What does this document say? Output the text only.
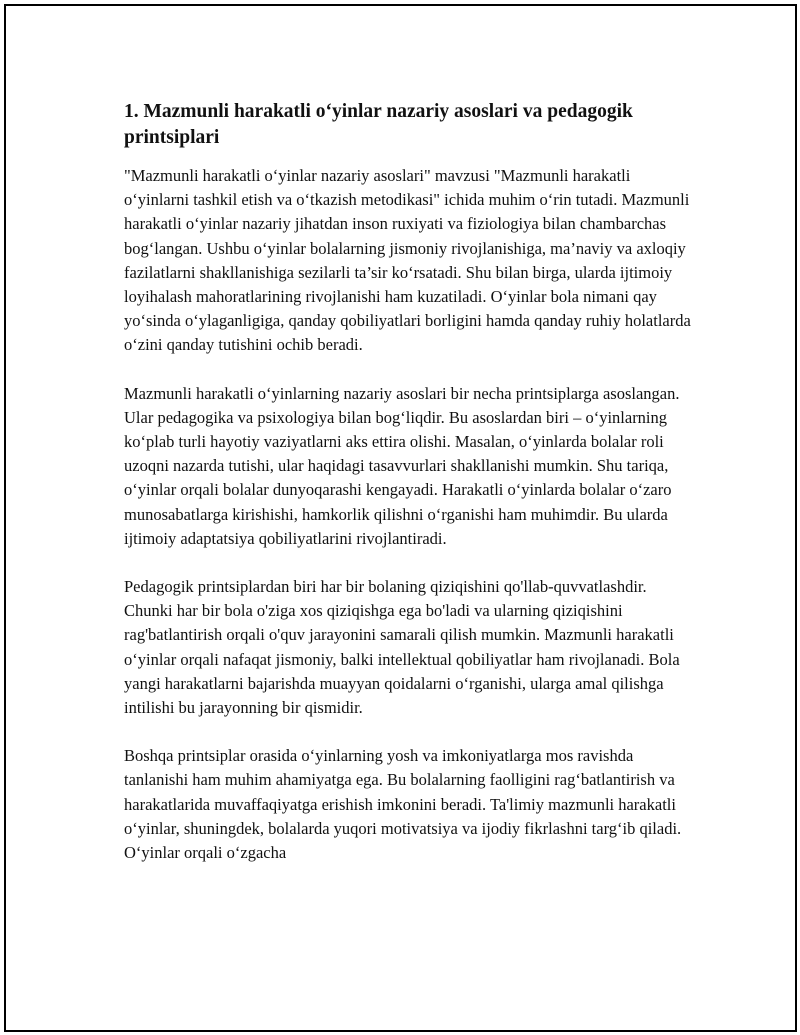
1. Mazmunli harakatli o‘yinlar nazariy asoslari va pedagogik printsiplari

"Mazmunli harakatli o‘yinlar nazariy asoslari" mavzusi "Mazmunli harakatli o‘yinlarni tashkil etish va o‘tkazish metodikasi" ichida muhim o‘rin tutadi. Mazmunli harakatli o‘yinlar nazariy jihatdan inson ruxiyati va fiziologiya bilan chambarchas bog‘langan. Ushbu o‘yinlar bolalarning jismoniy rivojlanishiga, ma’naviy va axloqiy fazilatlarni shakllanishiga sezilarli ta’sir ko‘rsatadi. Shu bilan birga, ularda ijtimoiy loyihalash mahoratlarining rivojlanishi ham kuzatiladi. O‘yinlar bola nimani qay yo‘sinda o‘ylaganligiga, qanday qobiliyatlari borligini hamda qanday ruhiy holatlarda o‘zini qanday tutishini ochib beradi.

Mazmunli harakatli o‘yinlarning nazariy asoslari bir necha printsiplarga asoslangan. Ular pedagogika va psixologiya bilan bog‘liqdir. Bu asoslardan biri – o‘yinlarning ko‘plab turli hayotiy vaziyatlarni aks ettira olishi. Masalan, o‘yinlarda bolalar roli uzoqni nazarda tutishi, ular haqidagi tasavvurlari shakllanishi mumkin. Shu tariqa, o‘yinlar orqali bolalar dunyoqarashi kengayadi. Harakatli o‘yinlarda bolalar o‘zaro munosabatlarga kirishishi, hamkorlik qilishni o‘rganishi ham muhimdir. Bu ularda ijtimoiy adaptatsiya qobiliyatlarini rivojlantiradi.

Pedagogik printsiplardan biri har bir bolaning qiziqishini qo'llab-quvvatlashdir. Chunki har bir bola o'ziga xos qiziqishga ega bo'ladi va ularning qiziqishini rag'batlantirish orqali o'quv jarayonini samarali qilish mumkin. Mazmunli harakatli o‘yinlar orqali nafaqat jismoniy, balki intellektual qobiliyatlar ham rivojlanadi. Bola yangi harakatlarni bajarishda muayyan qoidalarni o‘rganishi, ularga amal qilishga intilishi bu jarayonning bir qismidir.

Boshqa printsiplar orasida o‘yinlarning yosh va imkoniyatlarga mos ravishda tanlanishi ham muhim ahamiyatga ega. Bu bolalarning faolligini rag‘batlantirish va harakatlarida muvaffaqiyatga erishish imkonini beradi. Ta'limiy mazmunli harakatli o‘yinlar, shuningdek, bolalarda yuqori motivatsiya va ijodiy fikrlashni targ‘ib qiladi. O‘yinlar orqali o‘zgacha
